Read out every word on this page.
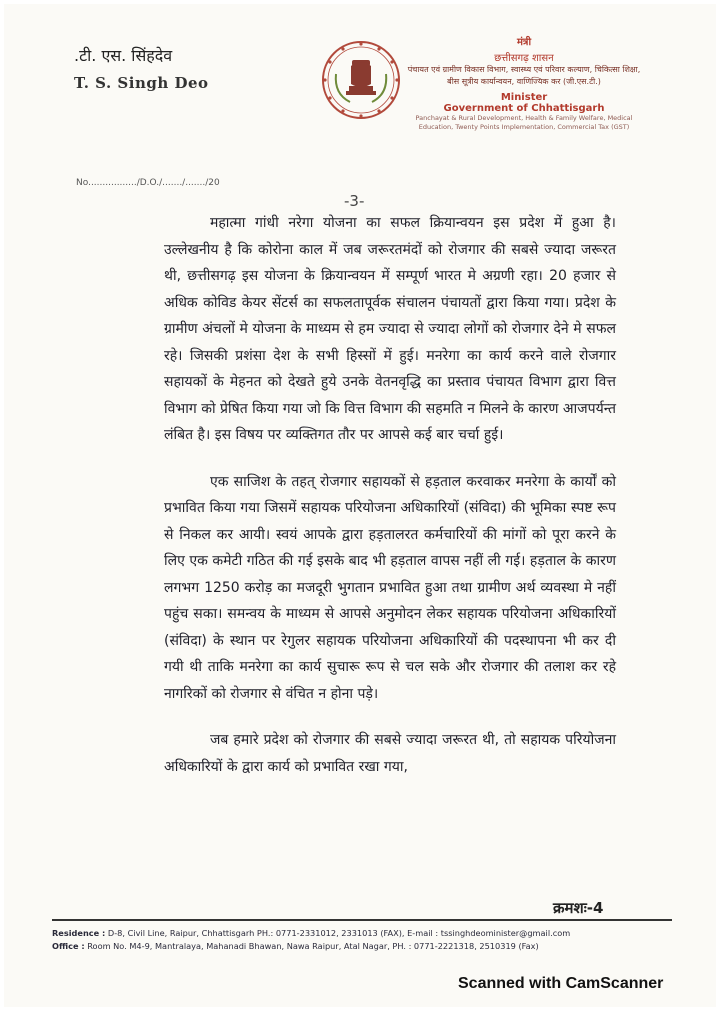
.टी. एस. सिंहदेव
T. S. Singh Deo
मंत्री
छत्तीसगढ़ शासन
पंचायत एवं ग्रामीण विकास विभाग, स्वास्थ्य एवं परिवार कल्याण, चिकित्सा शिक्षा, बीस सूत्रीय कार्यान्वयन, वाणिज्यिक कर (जी.एस.टी.)
Minister
Government of Chhattisgarh
Panchayat & Rural Development, Health & Family Welfare, Medical Education, Twenty Points Implementation, Commercial Tax (GST)
No................./D.O./......./......./20
-3-

महात्मा गांधी नरेगा योजना का सफल क्रियान्वयन इस प्रदेश में हुआ है। उल्लेखनीय है कि कोरोना काल में जब जरूरतमंदों को रोजगार की सबसे ज्यादा जरूरत थी, छत्तीसगढ़ इस योजना के क्रियान्वयन में सम्पूर्ण भारत मे अग्रणी रहा। 20 हजार से अधिक कोविड केयर सेंटर्स का सफलतापूर्वक संचालन पंचायतों द्वारा किया गया। प्रदेश के ग्रामीण अंचलों मे योजना के माध्यम से हम ज्यादा से ज्यादा लोगों को रोजगार देने मे सफल रहे। जिसकी प्रशंसा देश के सभी हिस्सों में हुई। मनरेगा का कार्य करने वाले रोजगार सहायकों के मेहनत को देखते हुये उनके वेतनवृद्धि का प्रस्ताव पंचायत विभाग द्वारा वित्त विभाग को प्रेषित किया गया जो कि वित्त विभाग की सहमति न मिलने के कारण आजपर्यन्त लंबित है। इस विषय पर व्यक्तिगत तौर पर आपसे कई बार चर्चा हुई।

एक साजिश के तहत् रोजगार सहायकों से हड़ताल करवाकर मनरेगा के कार्यों को प्रभावित किया गया जिसमें सहायक परियोजना अधिकारियों (संविदा) की भूमिका स्पष्ट रूप से निकल कर आयी। स्वयं आपके द्वारा हड़तालरत कर्मचारियों की मांगों को पूरा करने के लिए एक कमेटी गठित की गई इसके बाद भी हड़ताल वापस नहीं ली गई। हड़ताल के कारण लगभग 1250 करोड़ का मजदूरी भुगतान प्रभावित हुआ तथा ग्रामीण अर्थ व्यवस्था मे नहीं पहुंच सका। समन्वय के माध्यम से आपसे अनुमोदन लेकर सहायक परियोजना अधिकारियों (संविदा) के स्थान पर रेगुलर सहायक परियोजना अधिकारियों की पदस्थापना भी कर दी गयी थी ताकि मनरेगा का कार्य सुचारू रूप से चल सके और रोजगार की तलाश कर रहे नागरिकों को रोजगार से वंचित न होना पड़े।

जब हमारे प्रदेश को रोजगार की सबसे ज्यादा जरूरत थी, तो सहायक परियोजना अधिकारियों के द्वारा कार्य को प्रभावित रखा गया,

क्रमशः-4
Residence : D-8, Civil Line, Raipur, Chhattisgarh PH.: 0771-2331012, 2331013 (FAX), E-mail : tssinghdeominister@gmail.com
Office : Room No. M4-9, Mantralaya, Mahanadi Bhawan, Nawa Raipur, Atal Nagar, PH. : 0771-2221318, 2510319 (Fax)
Scanned with CamScanner
